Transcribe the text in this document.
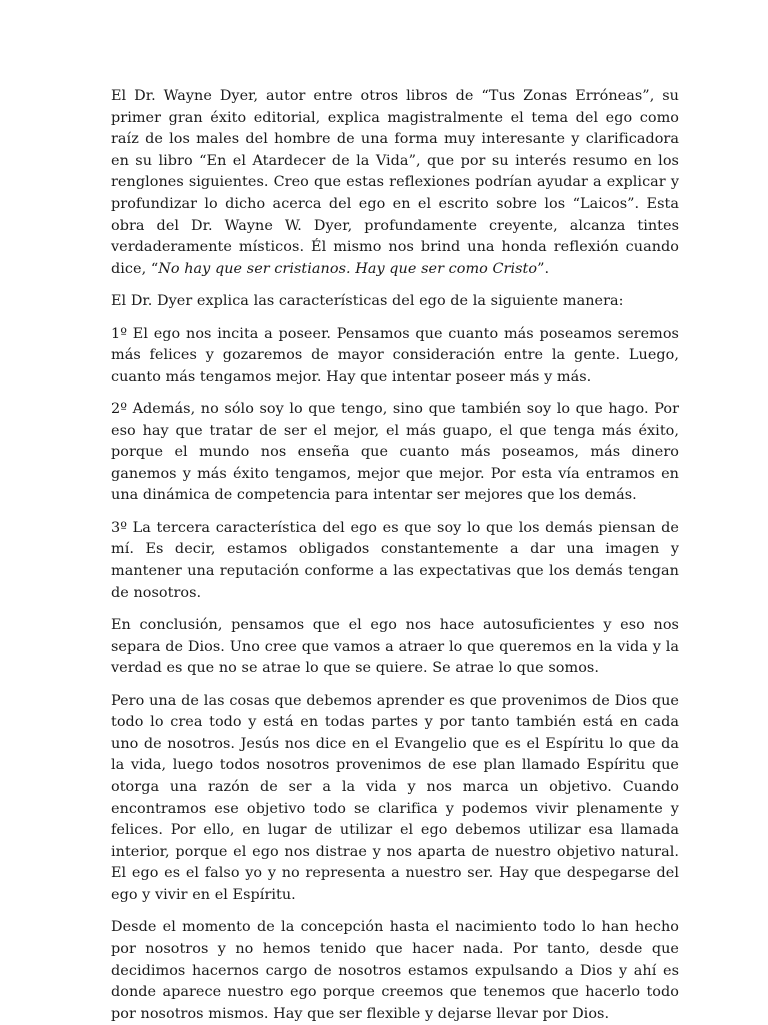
El Dr. Wayne Dyer, autor entre otros libros de “Tus Zonas Erróneas”, su primer gran éxito editorial, explica magistralmente el tema del ego como raíz de los males del hombre de una forma muy interesante y clarificadora en su libro “En el Atardecer de la Vida”, que por su interés resumo en los renglones siguientes. Creo que estas reflexiones podrían ayudar a explicar y profundizar lo dicho acerca del ego en el escrito sobre los “Laicos”. Esta obra del Dr. Wayne W. Dyer, profundamente creyente, alcanza tintes verdaderamente místicos. Él mismo nos brind una honda reflexión cuando dice, “No hay que ser cristianos. Hay que ser como Cristo”.

El Dr. Dyer explica las características del ego de la siguiente manera:

1º El ego nos incita a poseer. Pensamos que cuanto más poseamos seremos más felices y gozaremos de mayor consideración entre la gente. Luego, cuanto más tengamos mejor. Hay que intentar poseer más y más.

2º Además, no sólo soy lo que tengo, sino que también soy lo que hago. Por eso hay que tratar de ser el mejor, el más guapo, el que tenga más éxito, porque el mundo nos enseña que cuanto más poseamos, más dinero ganemos y más éxito tengamos, mejor que mejor. Por esta vía entramos en una dinámica de competencia para intentar ser mejores que los demás.

3º La tercera característica del ego es que soy lo que los demás piensan de mí. Es decir, estamos obligados constantemente a dar una imagen y mantener una reputación conforme a las expectativas que los demás tengan de nosotros.

En conclusión, pensamos que el ego nos hace autosuficientes y eso nos separa de Dios. Uno cree que vamos a atraer lo que queremos en la vida y la verdad es que no se atrae lo que se quiere. Se atrae lo que somos.

Pero una de las cosas que debemos aprender es que provenimos de Dios que todo lo crea todo y está en todas partes y por tanto también está en cada uno de nosotros. Jesús nos dice en el Evangelio que es el Espíritu lo que da la vida, luego todos nosotros provenimos de ese plan llamado Espíritu que otorga una razón de ser a la vida y nos marca un objetivo. Cuando encontramos ese objetivo todo se clarifica y podemos vivir plenamente y felices. Por ello, en lugar de utilizar el ego debemos utilizar esa llamada interior, porque el ego nos distrae y nos aparta de nuestro objetivo natural. El ego es el falso yo y no representa a nuestro ser. Hay que despegarse del ego y vivir en el Espíritu.

Desde el momento de la concepción hasta el nacimiento todo lo han hecho por nosotros y no hemos tenido que hacer nada. Por tanto, desde que decidimos hacernos cargo de nosotros estamos expulsando a Dios y ahí es donde aparece nuestro ego porque creemos que tenemos que hacerlo todo por nosotros mismos. Hay que ser flexible y dejarse llevar por Dios.
